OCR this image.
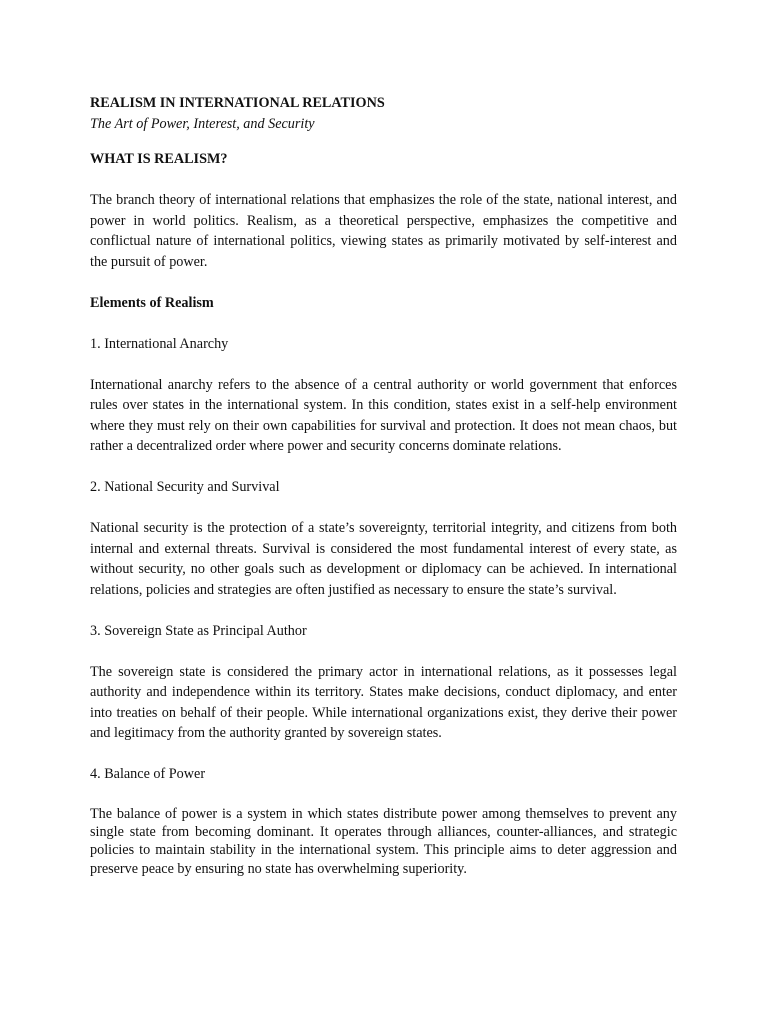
REALISM IN INTERNATIONAL RELATIONS

The Art of Power, Interest, and Security

WHAT IS REALISM?

The branch theory of international relations that emphasizes the role of the state, national interest, and power in world politics. Realism, as a theoretical perspective, emphasizes the competitive and conflictual nature of international politics, viewing states as primarily motivated by self-interest and the pursuit of power.

Elements of Realism

1. International Anarchy

International anarchy refers to the absence of a central authority or world government that enforces rules over states in the international system. In this condition, states exist in a self-help environment where they must rely on their own capabilities for survival and protection. It does not mean chaos, but rather a decentralized order where power and security concerns dominate relations.

2. National Security and Survival

National security is the protection of a state’s sovereignty, territorial integrity, and citizens from both internal and external threats. Survival is considered the most fundamental interest of every state, as without security, no other goals such as development or diplomacy can be achieved. In international relations, policies and strategies are often justified as necessary to ensure the state’s survival.

3. Sovereign State as Principal Author

The sovereign state is considered the primary actor in international relations, as it possesses legal authority and independence within its territory. States make decisions, conduct diplomacy, and enter into treaties on behalf of their people. While international organizations exist, they derive their power and legitimacy from the authority granted by sovereign states.

4. Balance of Power

The balance of power is a system in which states distribute power among themselves to prevent any single state from becoming dominant. It operates through alliances, counter-alliances, and strategic policies to maintain stability in the international system. This principle aims to deter aggression and preserve peace by ensuring no state has overwhelming superiority.
